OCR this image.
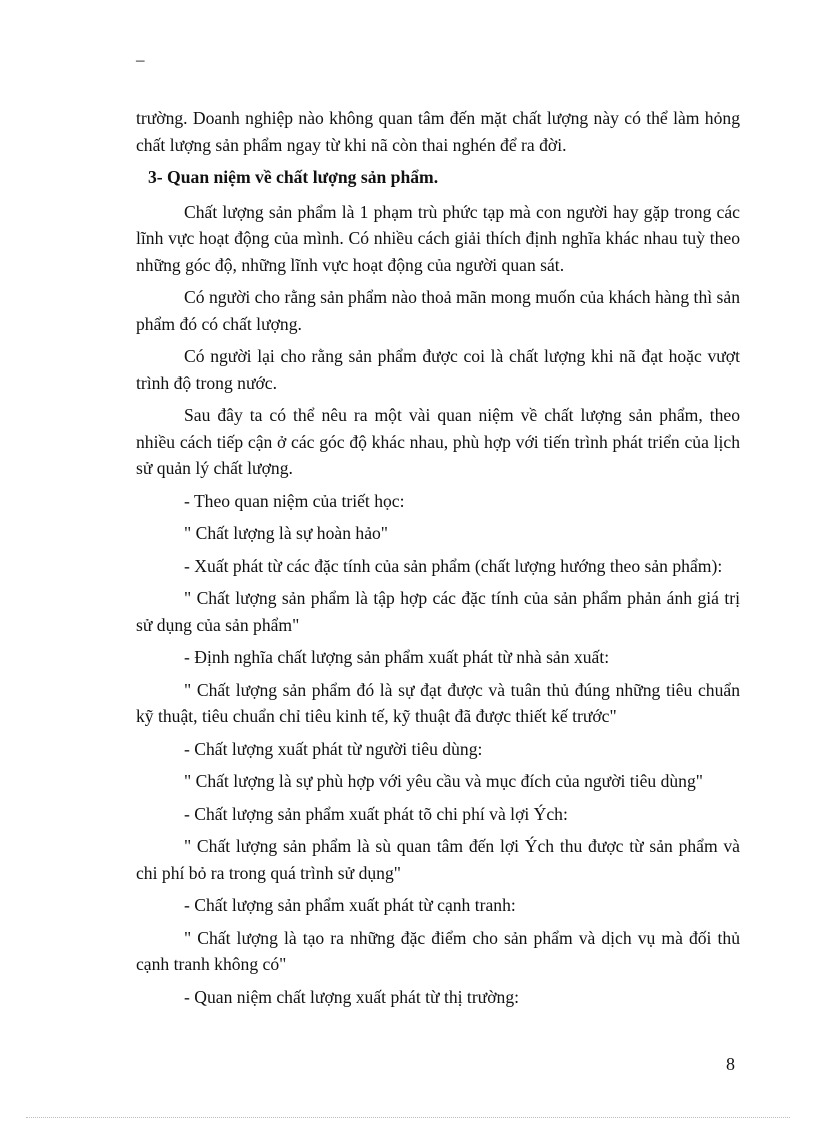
–

trường. Doanh nghiệp nào không quan tâm đến mặt chất lượng này có thể làm hỏng chất lượng sản phẩm ngay từ khi nã còn thai nghén để ra đời.

3- Quan niệm về chất lượng sản phẩm.

Chất lượng sản phẩm là 1 phạm trù phức tạp mà con người hay gặp trong các lĩnh vực hoạt động của mình. Có nhiều cách giải thích định nghĩa khác nhau tuỳ theo những góc độ, những lĩnh vực hoạt động của người quan sát.

Có người cho rằng sản phẩm nào thoả mãn mong muốn của khách hàng thì sản phẩm đó có chất lượng.

Có người lại cho rằng sản phẩm được coi là chất lượng khi nã đạt hoặc vượt trình độ trong nước.

Sau đây ta có thể nêu ra một vài quan niệm về chất lượng sản phẩm, theo nhiều cách tiếp cận ở các góc độ khác nhau, phù hợp với tiến trình phát triển của lịch sử quản lý chất lượng.

- Theo quan niệm của triết học:

" Chất lượng là sự hoàn hảo"

- Xuất phát từ các đặc tính của sản phẩm (chất lượng hướng theo sản phẩm):

" Chất lượng sản phẩm là tập hợp các đặc tính của sản phẩm phản ánh giá trị sử dụng của sản phẩm"

- Định nghĩa chất lượng sản phẩm xuất phát từ nhà sản xuất:

" Chất lượng sản phẩm đó là sự đạt được và tuân thủ đúng những tiêu chuẩn kỹ thuật, tiêu chuẩn chỉ tiêu kinh tế, kỹ thuật đã được thiết kế trước"

- Chất lượng xuất phát từ người tiêu dùng:

" Chất lượng là sự phù hợp với yêu cầu và mục đích của người tiêu dùng"

- Chất lượng sản phẩm xuất phát tõ chi phí và lợi Ých:

" Chất lượng sản phẩm là sù quan tâm đến lợi Ých thu được từ sản phẩm và chi phí bỏ ra trong quá trình sử dụng"

- Chất lượng sản phẩm xuất phát từ cạnh tranh:

" Chất lượng là tạo ra những đặc điểm cho sản phẩm và dịch vụ mà đối thủ cạnh tranh không có"

- Quan niệm chất lượng xuất phát từ thị trường:

8
